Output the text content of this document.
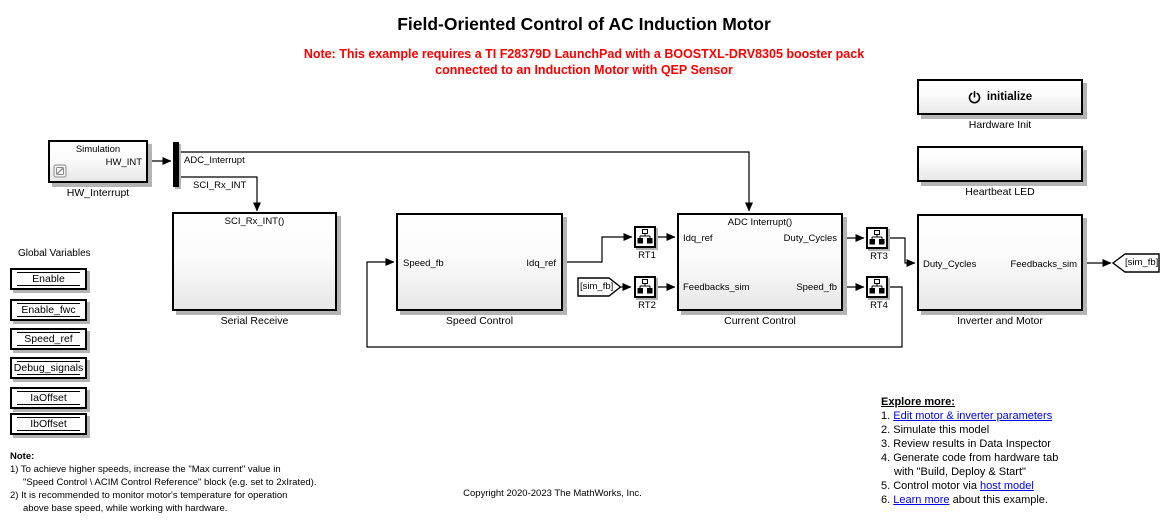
Field-Oriented Control of AC Induction Motor
Note: This example requires a TI F28379D LaunchPad with a BOOSTXL-DRV8305 booster pack
connected to an Induction Motor with QEP Sensor
initialize
Hardware Init
Heartbeat LED
Simulation
HW_INT
HW_Interrupt
ADC_Interrupt
SCI_Rx_INT
SCI_Rx_INT()
Serial Receive
Speed_fb	Idq_ref
Speed Control
RT1
RT2
[sim_fb]
ADC Interrupt()
Idq_ref
Feedbacks_sim
Duty_Cycles
Speed_fb
Current Control
RT3
RT4
Duty_Cycles	Feedbacks_sim
Inverter and Motor
[sim_fb]
Global Variables
Enable
Enable_fwc
Speed_ref
Debug_signals
IaOffset
IbOffset
Note:
1) To achieve higher speeds, increase the "Max current" value in
"Speed Control \ ACIM Control Reference" block (e.g. set to 2xIrated).
2) It is recommended to monitor motor's temperature for operation
above base speed, while working with hardware.
Explore more:
1. Edit motor & inverter parameters
2. Simulate this model
3. Review results in Data Inspector
4. Generate code from hardware tab
with "Build, Deploy & Start"
5. Control motor via host model
6. Learn more about this example.
Copyright 2020-2023 The MathWorks, Inc.
